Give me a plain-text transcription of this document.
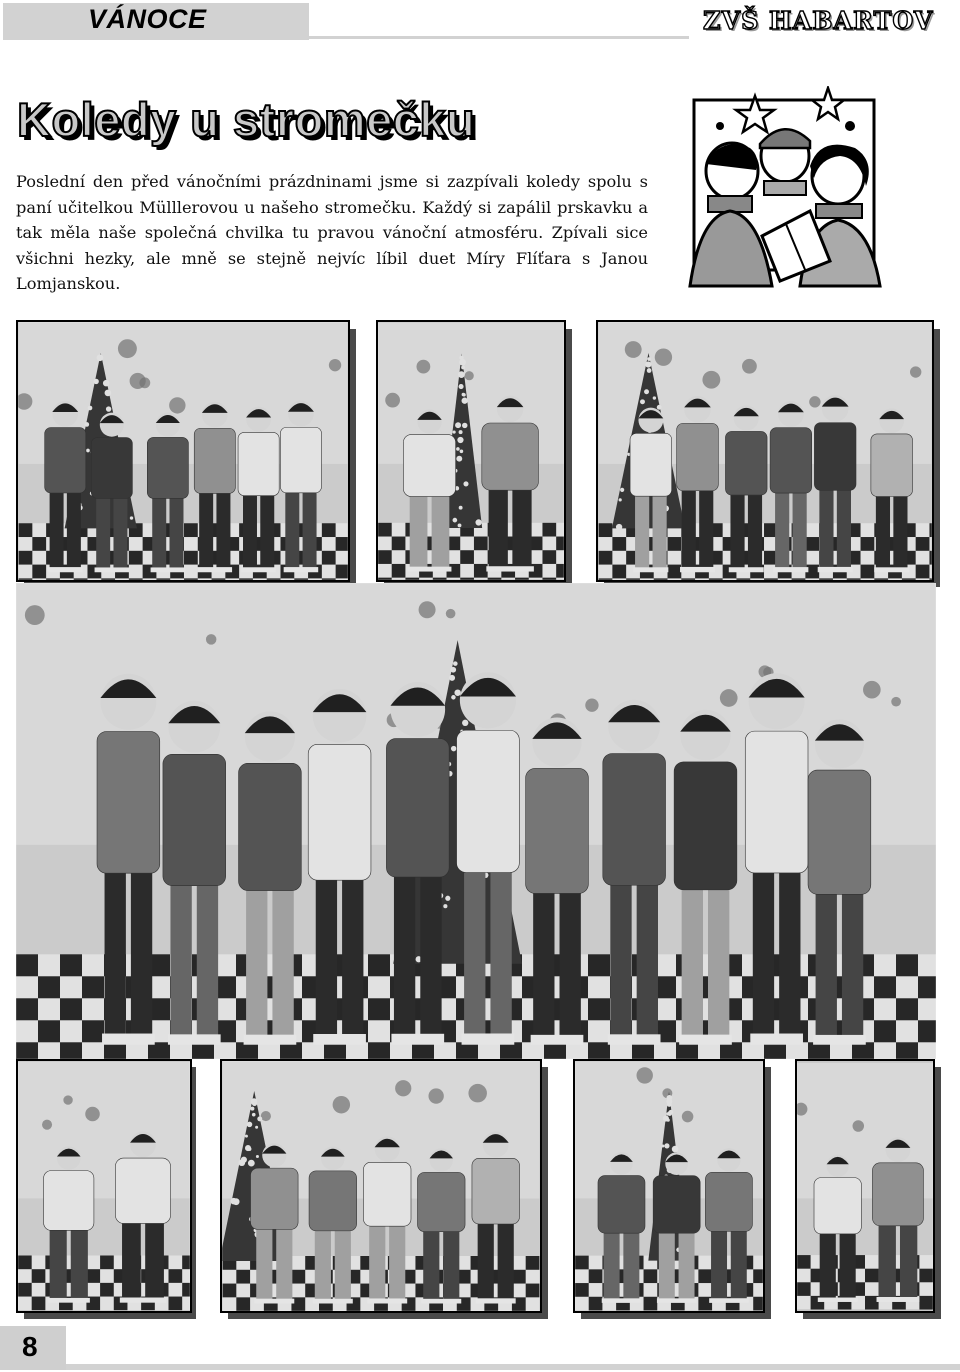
VÁNOCE	ZVŠ HABARTOV
Koledy u stromečku

Poslední den před vánočními prázdninami jsme si zazpívali koledy spolu s paní učitelkou Mülllerovou u našeho stromečku. Každý si zapálil prskavku a tak měla naše společná chvilka tu pravou vánoční atmosféru. Zpívali sice všichni hezky, ale mně se stejně nejvíc líbil duet Míry Flíťara s Janou Lomjanskou.

8
